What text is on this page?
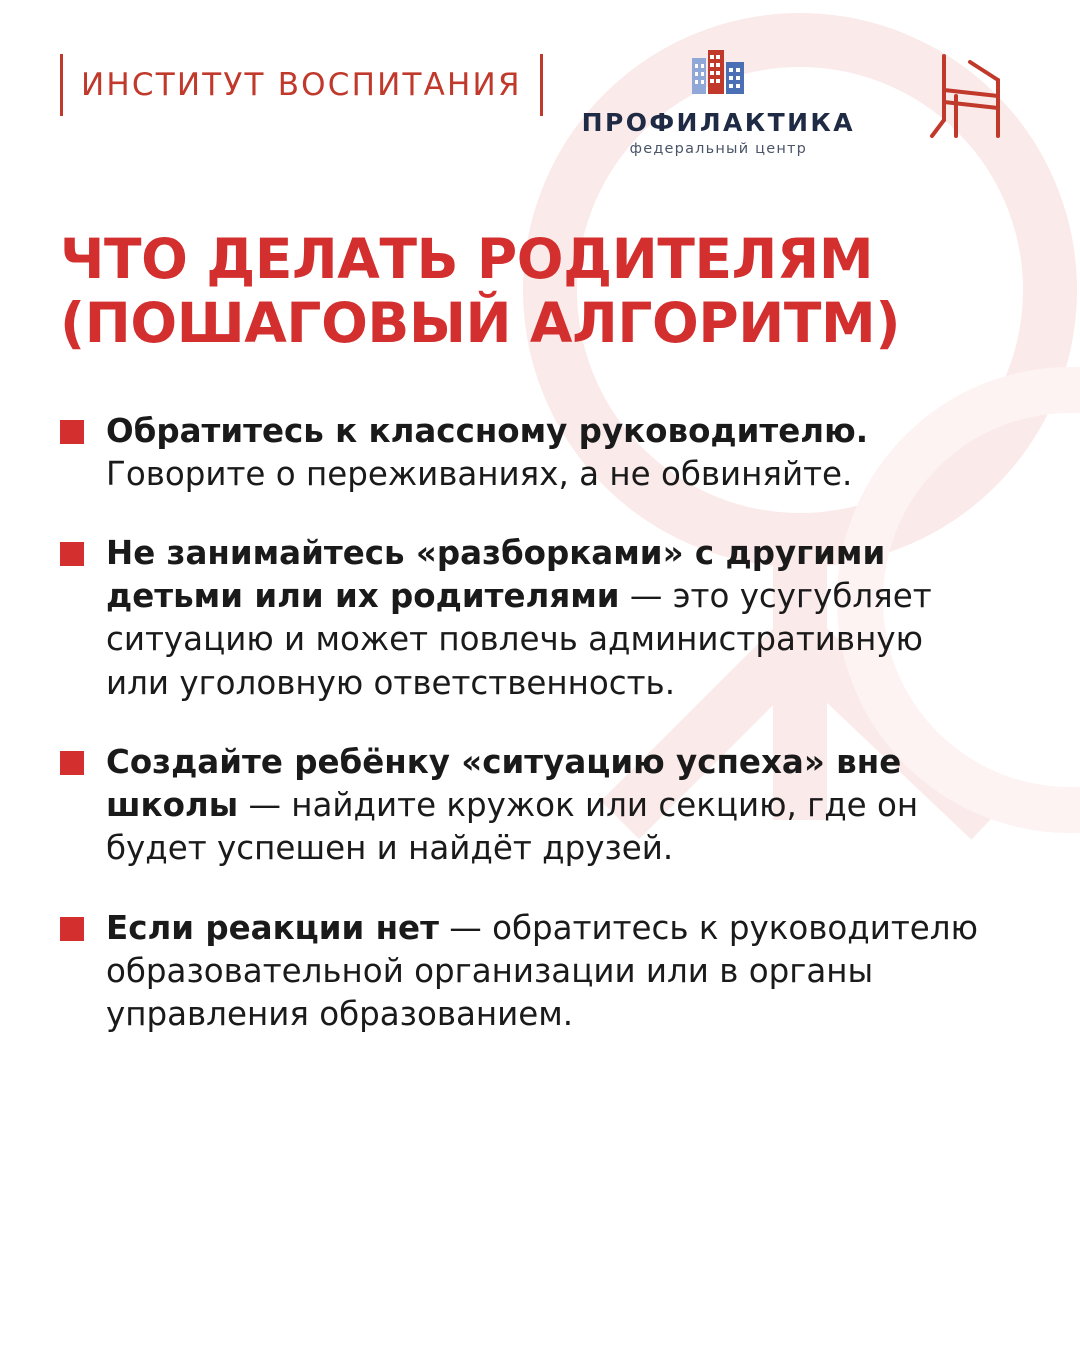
ИНСТИТУТ ВОСПИТАНИЯ
ПРОФИЛАКТИКА
федеральный центр
ЧТО ДЕЛАТЬ РОДИТЕЛЯМ
(ПОШАГОВЫЙ АЛГОРИТМ)
Обратитесь к классному руководителю. Говорите о переживаниях, а не обвиняйте.
Не занимайтесь «разборками» с другими детьми или их родителями — это усугубляет ситуацию и может повлечь административную или уголовную ответственность.
Создайте ребёнку «ситуацию успеха» вне школы — найдите кружок или секцию, где он будет успешен и найдёт друзей.
Если реакции нет — обратитесь к руководителю образовательной организации или в органы управления образованием.
